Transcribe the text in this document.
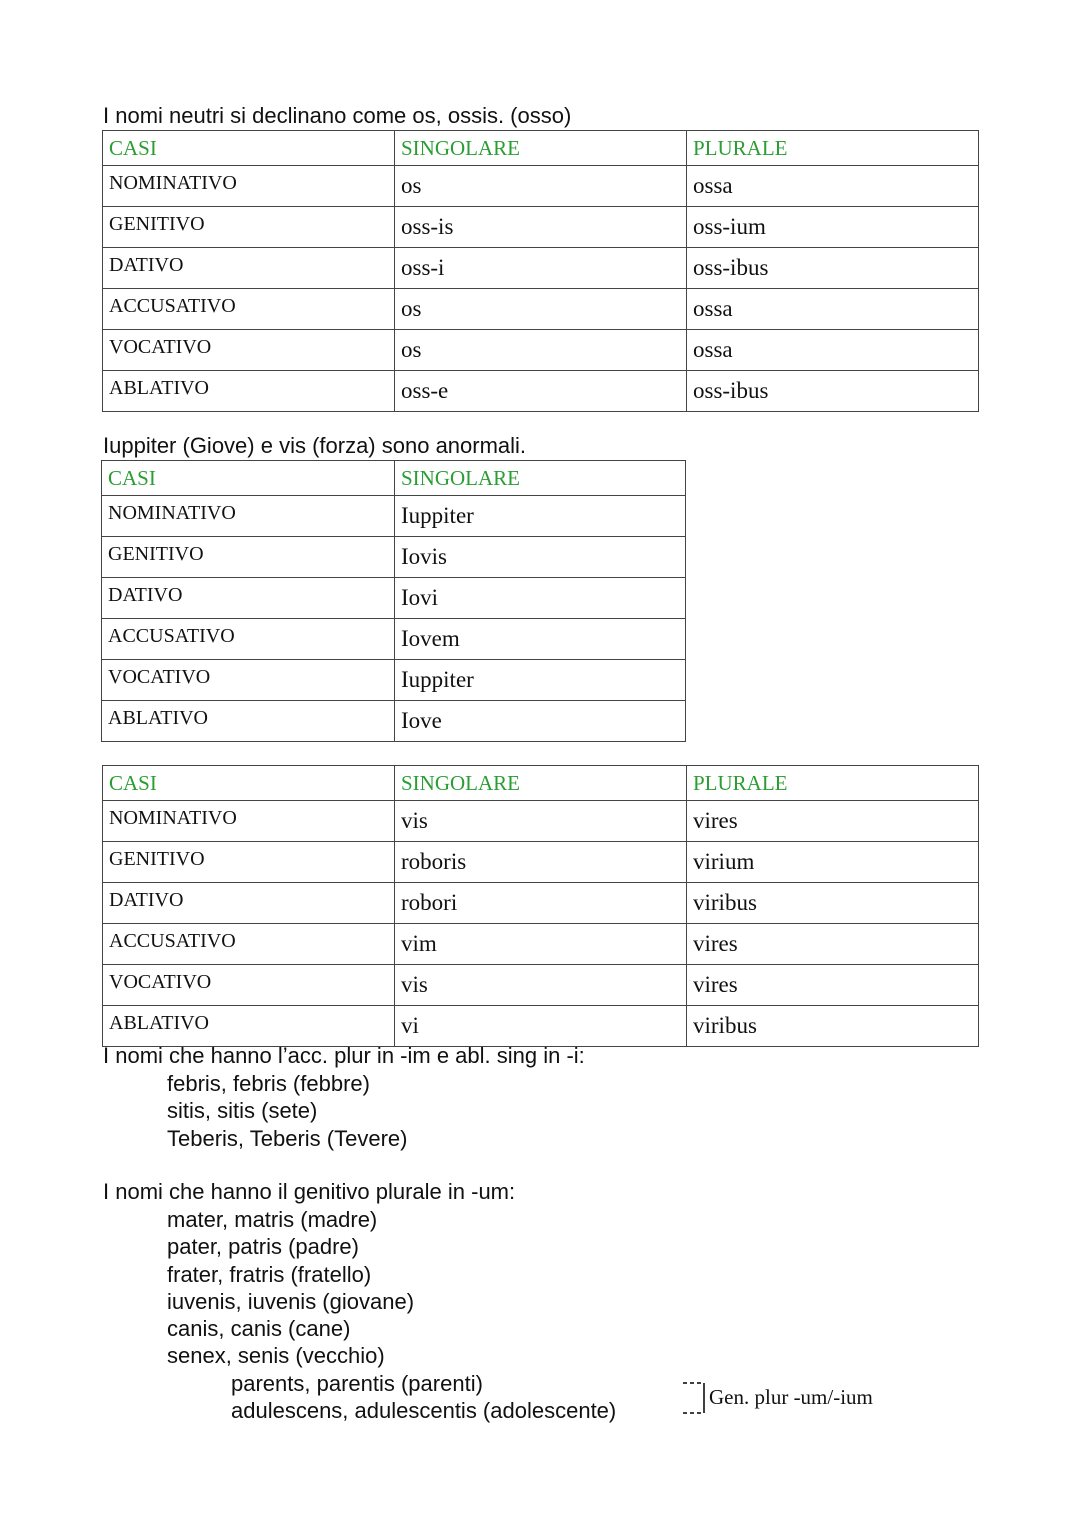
I nomi neutri si declinano come os, ossis. (osso)
CASI	SINGOLARE	PLURALE
NOMINATIVO	os	ossa
GENITIVO	oss-is	oss-ium
DATIVO	oss-i	oss-ibus
ACCUSATIVO	os	ossa
VOCATIVO	os	ossa
ABLATIVO	oss-e	oss-ibus
Iuppiter (Giove) e vis (forza) sono anormali.
CASI	SINGOLARE
NOMINATIVO	Iuppiter
GENITIVO	Iovis
DATIVO	Iovi
ACCUSATIVO	Iovem
VOCATIVO	Iuppiter
ABLATIVO	Iove
CASI	SINGOLARE	PLURALE
NOMINATIVO	vis	vires
GENITIVO	roboris	virium
DATIVO	robori	viribus
ACCUSATIVO	vim	vires
VOCATIVO	vis	vires
ABLATIVO	vi	viribus
I nomi che hanno l’acc. plur in -im e abl. sing in -i:
febris, febris (febbre)
sitis, sitis (sete)
Teberis, Teberis (Tevere)
I nomi che hanno il genitivo plurale in -um:
mater, matris (madre)
pater, patris (padre)
frater, fratris (fratello)
iuvenis, iuvenis (giovane)
canis, canis (cane)
senex, senis (vecchio)
parents, parentis (parenti)
adulescens, adulescentis (adolescente)
Gen. plur -um/-ium
